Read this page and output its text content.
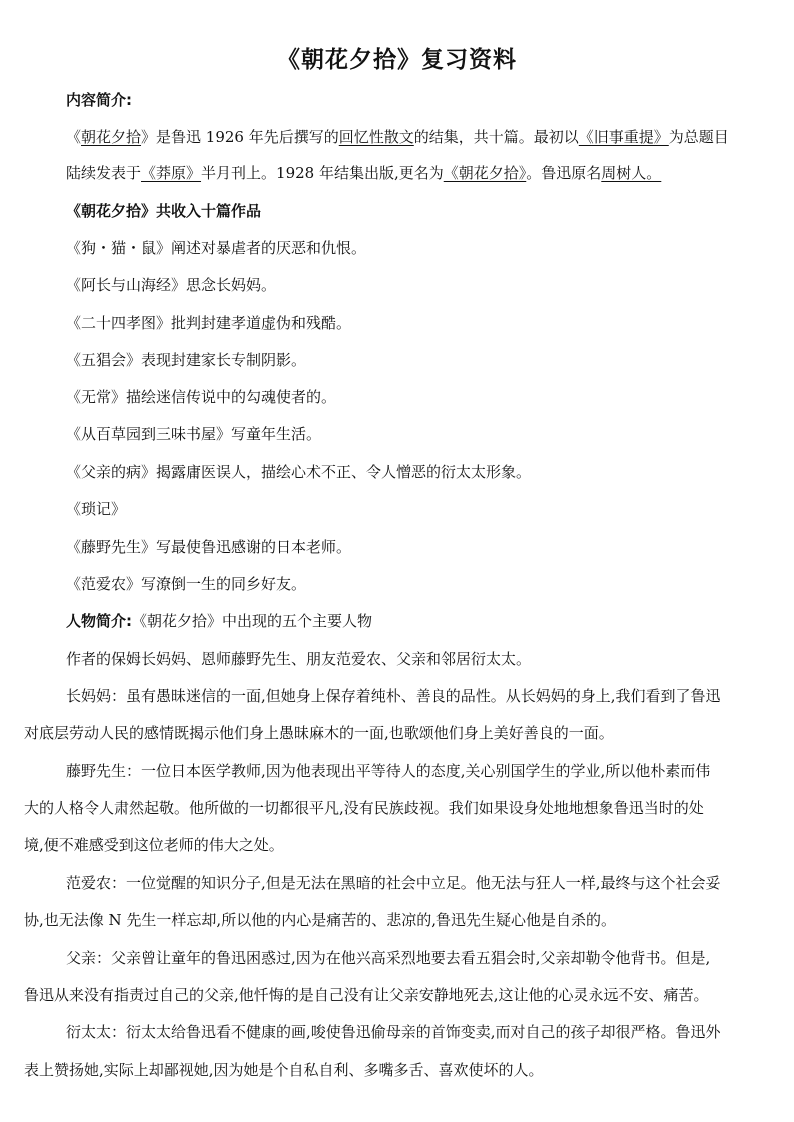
《朝花夕拾》复习资料
内容简介:
《朝花夕拾》是鲁迅 1926 年先后撰写的回忆性散文的结集，共十篇。最初以《旧事重提》为总题目
陆续发表于《莽原》半月刊上。1928 年结集出版,更名为《朝花夕拾》。鲁迅原名周树人。
《朝花夕拾》共收入十篇作品
《狗・猫・鼠》阐述对暴虐者的厌恶和仇恨。
《阿长与山海经》思念长妈妈。
《二十四孝图》批判封建孝道虚伪和残酷。
《五猖会》表现封建家长专制阴影。
《无常》描绘迷信传说中的勾魂使者的。
《从百草园到三味书屋》写童年生活。
《父亲的病》揭露庸医误人，描绘心术不正、令人憎恶的衍太太形象。
《琐记》
《藤野先生》写最使鲁迅感谢的日本老师。
《范爱农》写潦倒一生的同乡好友。
人物简介:《朝花夕拾》中出现的五个主要人物
作者的保姆长妈妈、恩师藤野先生、朋友范爱农、父亲和邻居衍太太。
长妈妈：虽有愚昧迷信的一面,但她身上保存着纯朴、善良的品性。从长妈妈的身上,我们看到了鲁迅
对底层劳动人民的感情既揭示他们身上愚昧麻木的一面,也歌颂他们身上美好善良的一面。
藤野先生：一位日本医学教师,因为他表现出平等待人的态度,关心别国学生的学业,所以他朴素而伟
大的人格令人肃然起敬。他所做的一切都很平凡,没有民族歧视。我们如果设身处地地想象鲁迅当时的处
境,便不难感受到这位老师的伟大之处。
范爱农：一位觉醒的知识分子,但是无法在黑暗的社会中立足。他无法与狂人一样,最终与这个社会妥
协,也无法像 N 先生一样忘却,所以他的内心是痛苦的、悲凉的,鲁迅先生疑心他是自杀的。
父亲：父亲曾让童年的鲁迅困惑过,因为在他兴高采烈地要去看五猖会时,父亲却勒令他背书。但是,
鲁迅从来没有指责过自己的父亲,他忏悔的是自己没有让父亲安静地死去,这让他的心灵永远不安、痛苦。
衍太太：衍太太给鲁迅看不健康的画,唆使鲁迅偷母亲的首饰变卖,而对自己的孩子却很严格。鲁迅外
表上赞扬她,实际上却鄙视她,因为她是个自私自利、多嘴多舌、喜欢使坏的人。
